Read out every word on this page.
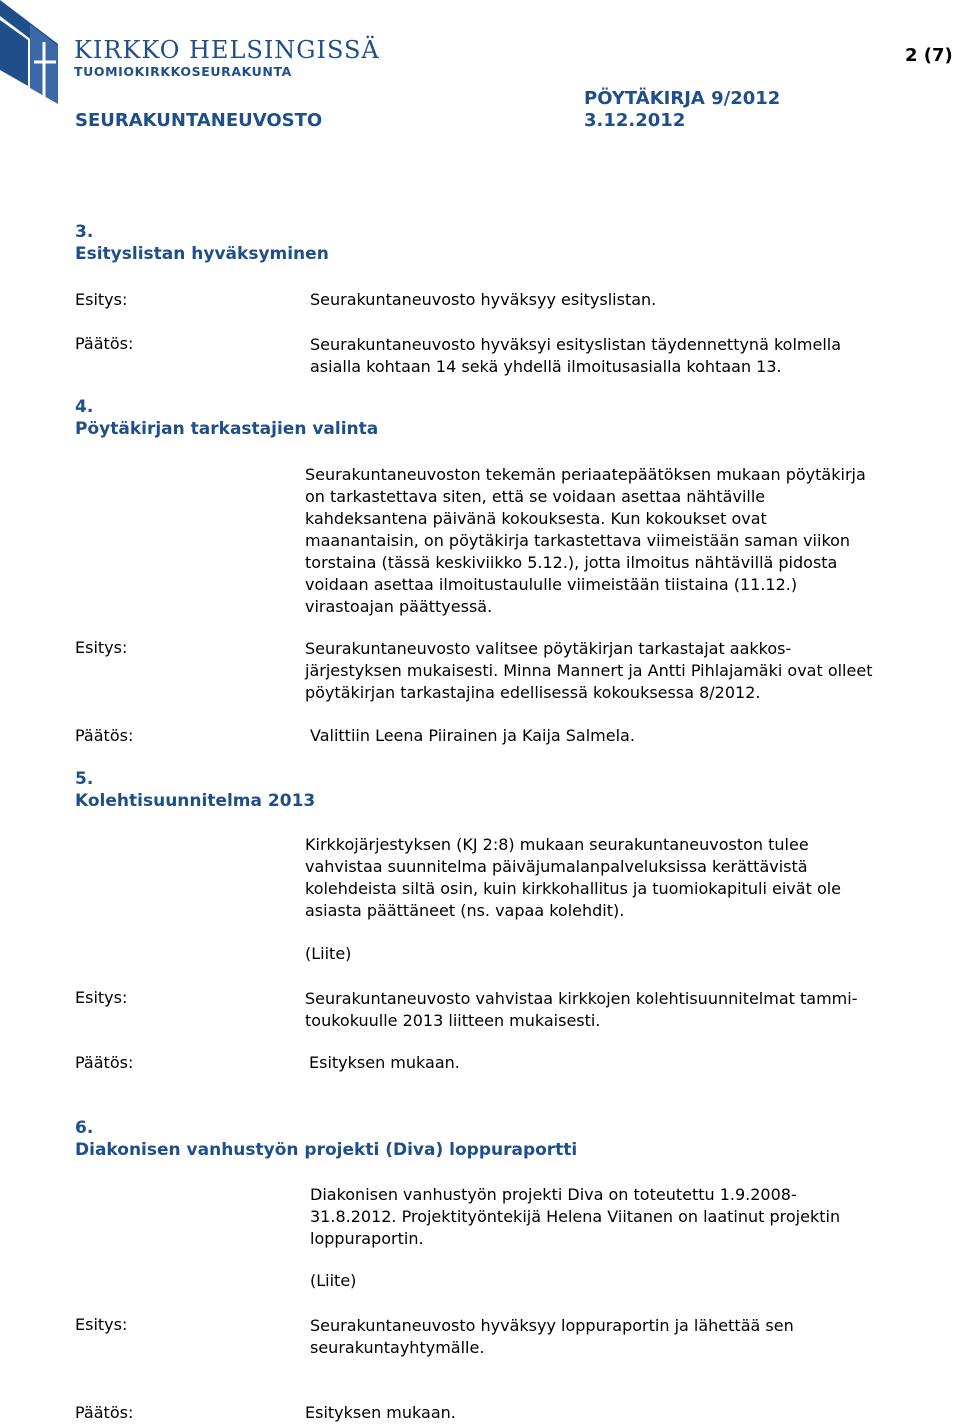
KIRKKO HELSINGISSÄ
TUOMIOKIRKKOSEURAKUNTA
2 (7)
PÖYTÄKIRJA 9/2012
SEURAKUNTANEUVOSTO	3.12.2012
3.
Esityslistan hyväksyminen
Esitys:	Seurakuntaneuvosto hyväksyy esityslistan.
Päätös:	Seurakuntaneuvosto hyväksyi esityslistan täydennettynä kolmella

asialla kohtaan 14 sekä yhdellä ilmoitusasialla kohtaan 13.

4.
Pöytäkirjan tarkastajien valinta

Seurakuntaneuvoston tekemän periaatepäätöksen mukaan pöytäkirja

on tarkastettava siten, että se voidaan asettaa nähtäville

kahdeksantena päivänä kokouksesta. Kun kokoukset ovat

maanantaisin, on pöytäkirja tarkastettava viimeistään saman viikon

torstaina (tässä keskiviikko 5.12.), jotta ilmoitus nähtävillä pidosta

voidaan asettaa ilmoitustaululle viimeistään tiistaina (11.12.)

virastoajan päättyessä.

Esitys:	Seurakuntaneuvosto valitsee pöytäkirjan tarkastajat aakkos-

järjestyksen mukaisesti. Minna Mannert ja Antti Pihlajamäki ovat olleet

pöytäkirjan tarkastajina edellisessä kokouksessa 8/2012.

Päätös:	Valittiin Leena Piirainen ja Kaija Salmela.
5.
Kolehtisuunnitelma 2013

Kirkkojärjestyksen (KJ 2:8) mukaan seurakuntaneuvoston tulee

vahvistaa suunnitelma päiväjumalanpalveluksissa kerättävistä

kolehdeista siltä osin, kuin kirkkohallitus ja tuomiokapituli eivät ole

asiasta päättäneet (ns. vapaa kolehdit).

(Liite)
Esitys:	Seurakuntaneuvosto vahvistaa kirkkojen kolehtisuunnitelmat tammi-

toukokuulle 2013 liitteen mukaisesti.

Päätös:	Esityksen mukaan.
6.
Diakonisen vanhustyön projekti (Diva) loppuraportti

Diakonisen vanhustyön projekti Diva on toteutettu 1.9.2008-

31.8.2012. Projektityöntekijä Helena Viitanen on laatinut projektin

loppuraportin.

(Liite)
Esitys:	Seurakuntaneuvosto hyväksyy loppuraportin ja lähettää sen

seurakuntayhtymälle.

Päätös:	Esityksen mukaan.
